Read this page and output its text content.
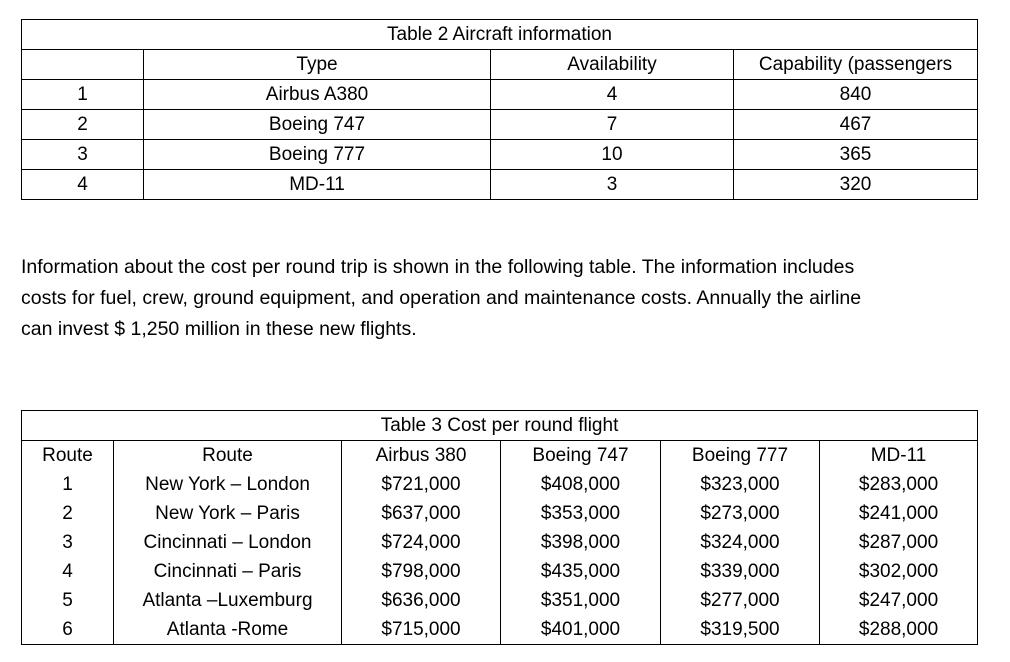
Table 2 Aircraft information			
	Type	Availability	Capability (passengers
1	Airbus A380	4	840
2	Boeing 747	7	467
3	Boeing 777	10	365
4	MD-11	3	320

Information about the cost per round trip is shown in the following table. The information includes

costs for fuel, crew, ground equipment, and operation and maintenance costs. Annually the airline

can invest $ 1,250 million in these new flights.

Table 3 Cost per round flight					
Route	Route	Airbus 380	Boeing 747	Boeing 777	MD-11
1	New York – London	$721,000	$408,000	$323,000	$283,000
2	New York – Paris	$637,000	$353,000	$273,000	$241,000
3	Cincinnati – London	$724,000	$398,000	$324,000	$287,000
4	Cincinnati – Paris	$798,000	$435,000	$339,000	$302,000
5	Atlanta –Luxemburg	$636,000	$351,000	$277,000	$247,000
6	Atlanta -Rome	$715,000	$401,000	$319,500	$288,000
